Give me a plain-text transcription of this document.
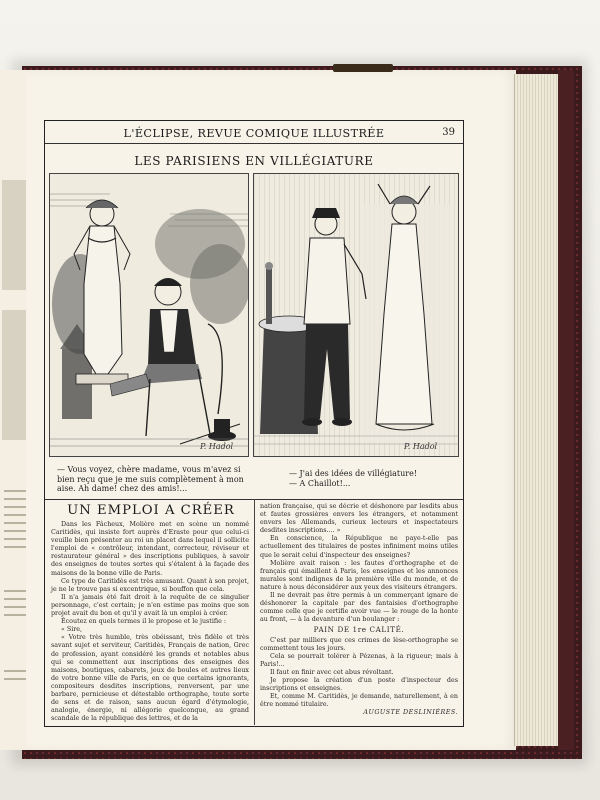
L'ÉCLIPSE, REVUE COMIQUE ILLUSTRÉE	39
LES PARISIENS EN VILLÉGIATURE
P. Hadol	P. Hadol
— Vous voyez, chère madame, vous m'avez si bien reçu que je me suis complètement à mon aise. Ah dame! chez des amis!...
— J'ai des idées de villégiature!
— A Chaillot!...
UN EMPLOI A CRÉER

Dans les Fâcheux, Molière met en scène un nommé Caritidès, qui insiste fort auprès d'Eraste pour que celui-ci veuille bien présenter au roi un placet dans lequel il sollicite l'emploi de « contrôleur, intendant, correcteur, réviseur et restaurateur général » des inscriptions publiques, à savoir des enseignes de toutes sortes qui s'étalent à la façade des maisons de la bonne ville de Paris.

Ce type de Caritidès est très amusant. Quant à son projet, je ne le trouve pas si excentrique, si bouffon que cela.

Il n'a jamais été fait droit à la requête de ce singulier personnage, c'est certain; je n'en estime pas moins que son projet avait du bon et qu'il y avait là un emploi à créer.

Écoutez en quels termes il le propose et le justifie :

« Sire,

« Votre très humble, très obéissant, très fidèle et très savant sujet et serviteur, Caritidès, Français de nation, Grec de profession, ayant considéré les grands et notables abus qui se commettent aux inscriptions des enseignes des maisons, boutiques, cabarets, jeux de boules et autres lieux de votre bonne ville de Paris, en ce que certains ignorants, compositeurs desdites inscriptions, renversent, par une barbare, pernicieuse et détestable orthographe, toute sorte de sens et de raison, sans aucun égard d'étymologie, analogie, énergie, ni allégorie quelconque, au grand scandale de la république des lettres, et de la

nation française, qui se décrie et déshonore par lesdits abus et fautes grossières envers les étrangers, et notamment envers les Allemands, curieux lecteurs et inspectateurs desdites inscriptions.... »

En conscience, la République ne paye-t-elle pas actuellement des titulaires de postes infiniment moins utiles que le serait celui d'inspecteur des enseignes?

Molière avait raison : les fautes d'orthographe et de français qui émaillent à Paris, les enseignes et les annonces murales sont indignes de la première ville du monde, et de nature à nous déconsidérer aux yeux des visiteurs étrangers.

Il ne devrait pas être permis à un commerçant ignare de déshonorer la capitale par des fantaisies d'orthographe comme celle que je certifie avoir vue — le rouge de la honte au front, — à la devanture d'un boulanger :

PAIN DE 1re CALITÉ.

C'est par milliers que ces crimes de lèse-orthographe se commettent tous les jours.

Cela se pourrait tolérer à Pézenas, à la rigueur; mais à Paris!...

Il faut en finir avec cet abus révoltant.

Je propose la création d'un poste d'inspecteur des inscriptions et enseignes.

Et, comme M. Caritidès, je demande, naturellement, à en être nommé titulaire.

AUGUSTE DESLINIÈRES.
